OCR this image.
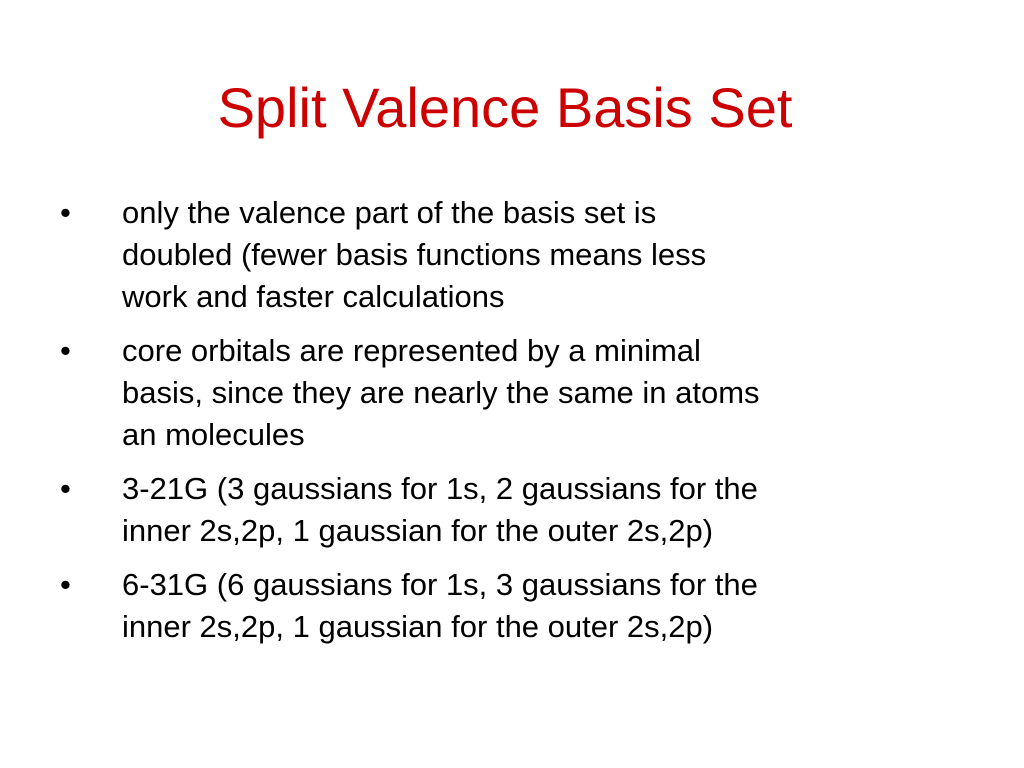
Split Valence Basis Set
•	only the valence part of the basis set is
doubled (fewer basis functions means less
work and faster calculations
•	core orbitals are represented by a minimal
basis, since they are nearly the same in atoms
an molecules
•	3-21G (3 gaussians for 1s, 2 gaussians for the
inner 2s,2p, 1 gaussian for the outer 2s,2p)
•	6-31G (6 gaussians for 1s, 3 gaussians for the
inner 2s,2p, 1 gaussian for the outer 2s,2p)
